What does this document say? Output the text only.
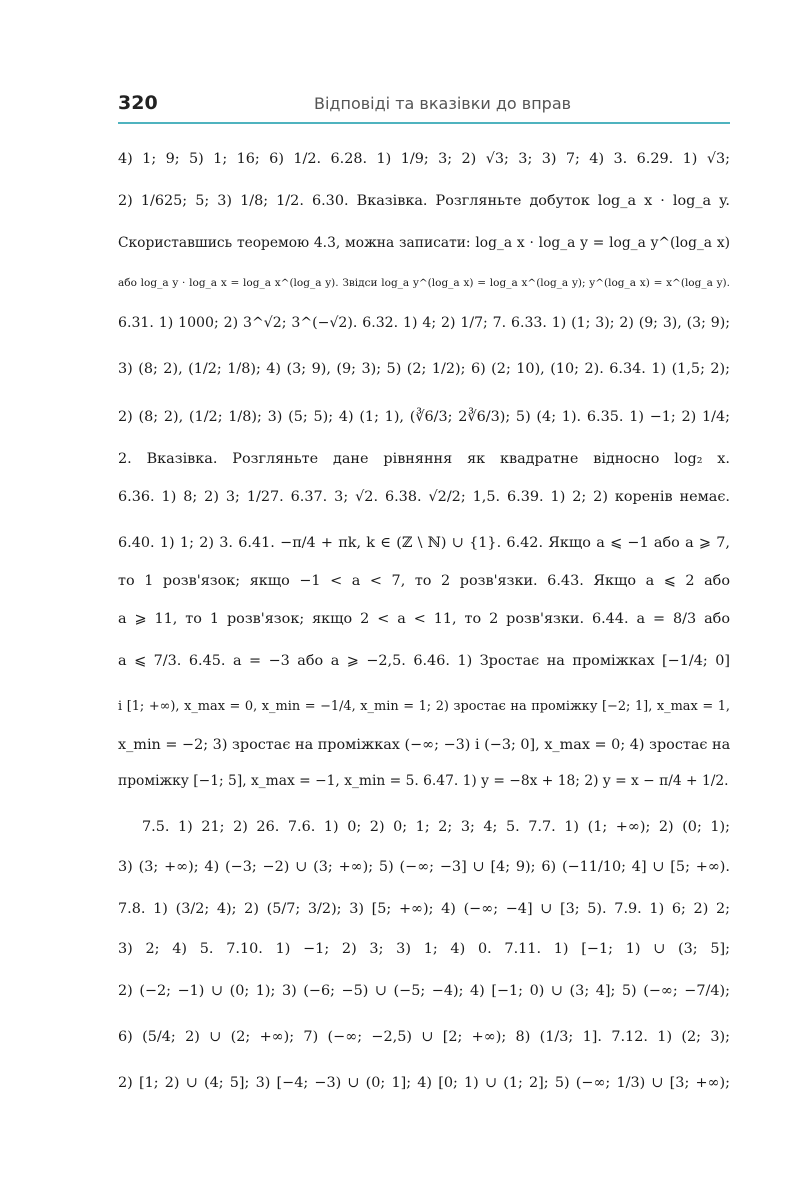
320	Відповіді та вказівки до вправ
4) 1; 9; 5) 1; 16; 6) 1/2. 6.28. 1) 1/9; 3; 2) √3; 3; 3) 7; 4) 3. 6.29. 1) √3;
2) 1/625; 5; 3) 1/8; 1/2. 6.30. Вказівка. Розгляньте добуток log_a x · log_a y.
Скориставшись теоремою 4.3, можна записати: log_a x · log_a y = log_a y^(log_a x)
або log_a y · log_a x = log_a x^(log_a y). Звідси log_a y^(log_a x) = log_a x^(log_a y); y^(log_a x) = x^(log_a y).
6.31. 1) 1000; 2) 3^√2; 3^(−√2). 6.32. 1) 4; 2) 1/7; 7. 6.33. 1) (1; 3); 2) (9; 3), (3; 9);
3) (8; 2), (1/2; 1/8); 4) (3; 9), (9; 3); 5) (2; 1/2); 6) (2; 10), (10; 2). 6.34. 1) (1,5; 2);
2) (8; 2), (1/2; 1/8); 3) (5; 5); 4) (1; 1), (∛6/3; 2∛6/3); 5) (4; 1). 6.35. 1) −1; 2) 1/4;
2. Вказівка. Розгляньте дане рівняння як квадратне відносно log₂ x.
6.36. 1) 8; 2) 3; 1/27. 6.37. 3; √2. 6.38. √2/2; 1,5. 6.39. 1) 2; 2) коренів немає.
6.40. 1) 1; 2) 3. 6.41. −π/4 + πk, k ∈ (ℤ \ ℕ) ∪ {1}. 6.42. Якщо a ⩽ −1 або a ⩾ 7,
то 1 розв'язок; якщо −1 < a < 7, то 2 розв'язки. 6.43. Якщо a ⩽ 2 або
a ⩾ 11, то 1 розв'язок; якщо 2 < a < 11, то 2 розв'язки. 6.44. a = 8/3 або
a ⩽ 7/3. 6.45. a = −3 або a ⩾ −2,5. 6.46. 1) Зростає на проміжках [−1/4; 0]
і [1; +∞), x_max = 0, x_min = −1/4, x_min = 1; 2) зростає на проміжку [−2; 1], x_max = 1,
x_min = −2; 3) зростає на проміжках (−∞; −3) і (−3; 0], x_max = 0; 4) зростає на
проміжку [−1; 5], x_max = −1, x_min = 5. 6.47. 1) y = −8x + 18; 2) y = x − π/4 + 1/2.
7.5. 1) 21; 2) 26. 7.6. 1) 0; 2) 0; 1; 2; 3; 4; 5. 7.7. 1) (1; +∞); 2) (0; 1);
3) (3; +∞); 4) (−3; −2) ∪ (3; +∞); 5) (−∞; −3] ∪ [4; 9); 6) (−11/10; 4] ∪ [5; +∞).
7.8. 1) (3/2; 4); 2) (5/7; 3/2); 3) [5; +∞); 4) (−∞; −4] ∪ [3; 5). 7.9. 1) 6; 2) 2;
3) 2; 4) 5. 7.10. 1) −1; 2) 3; 3) 1; 4) 0. 7.11. 1) [−1; 1) ∪ (3; 5];
2) (−2; −1) ∪ (0; 1); 3) (−6; −5) ∪ (−5; −4); 4) [−1; 0) ∪ (3; 4]; 5) (−∞; −7/4);
6) (5/4; 2) ∪ (2; +∞); 7) (−∞; −2,5) ∪ [2; +∞); 8) (1/3; 1]. 7.12. 1) (2; 3);
2) [1; 2) ∪ (4; 5]; 3) [−4; −3) ∪ (0; 1]; 4) [0; 1) ∪ (1; 2]; 5) (−∞; 1/3) ∪ [3; +∞);
